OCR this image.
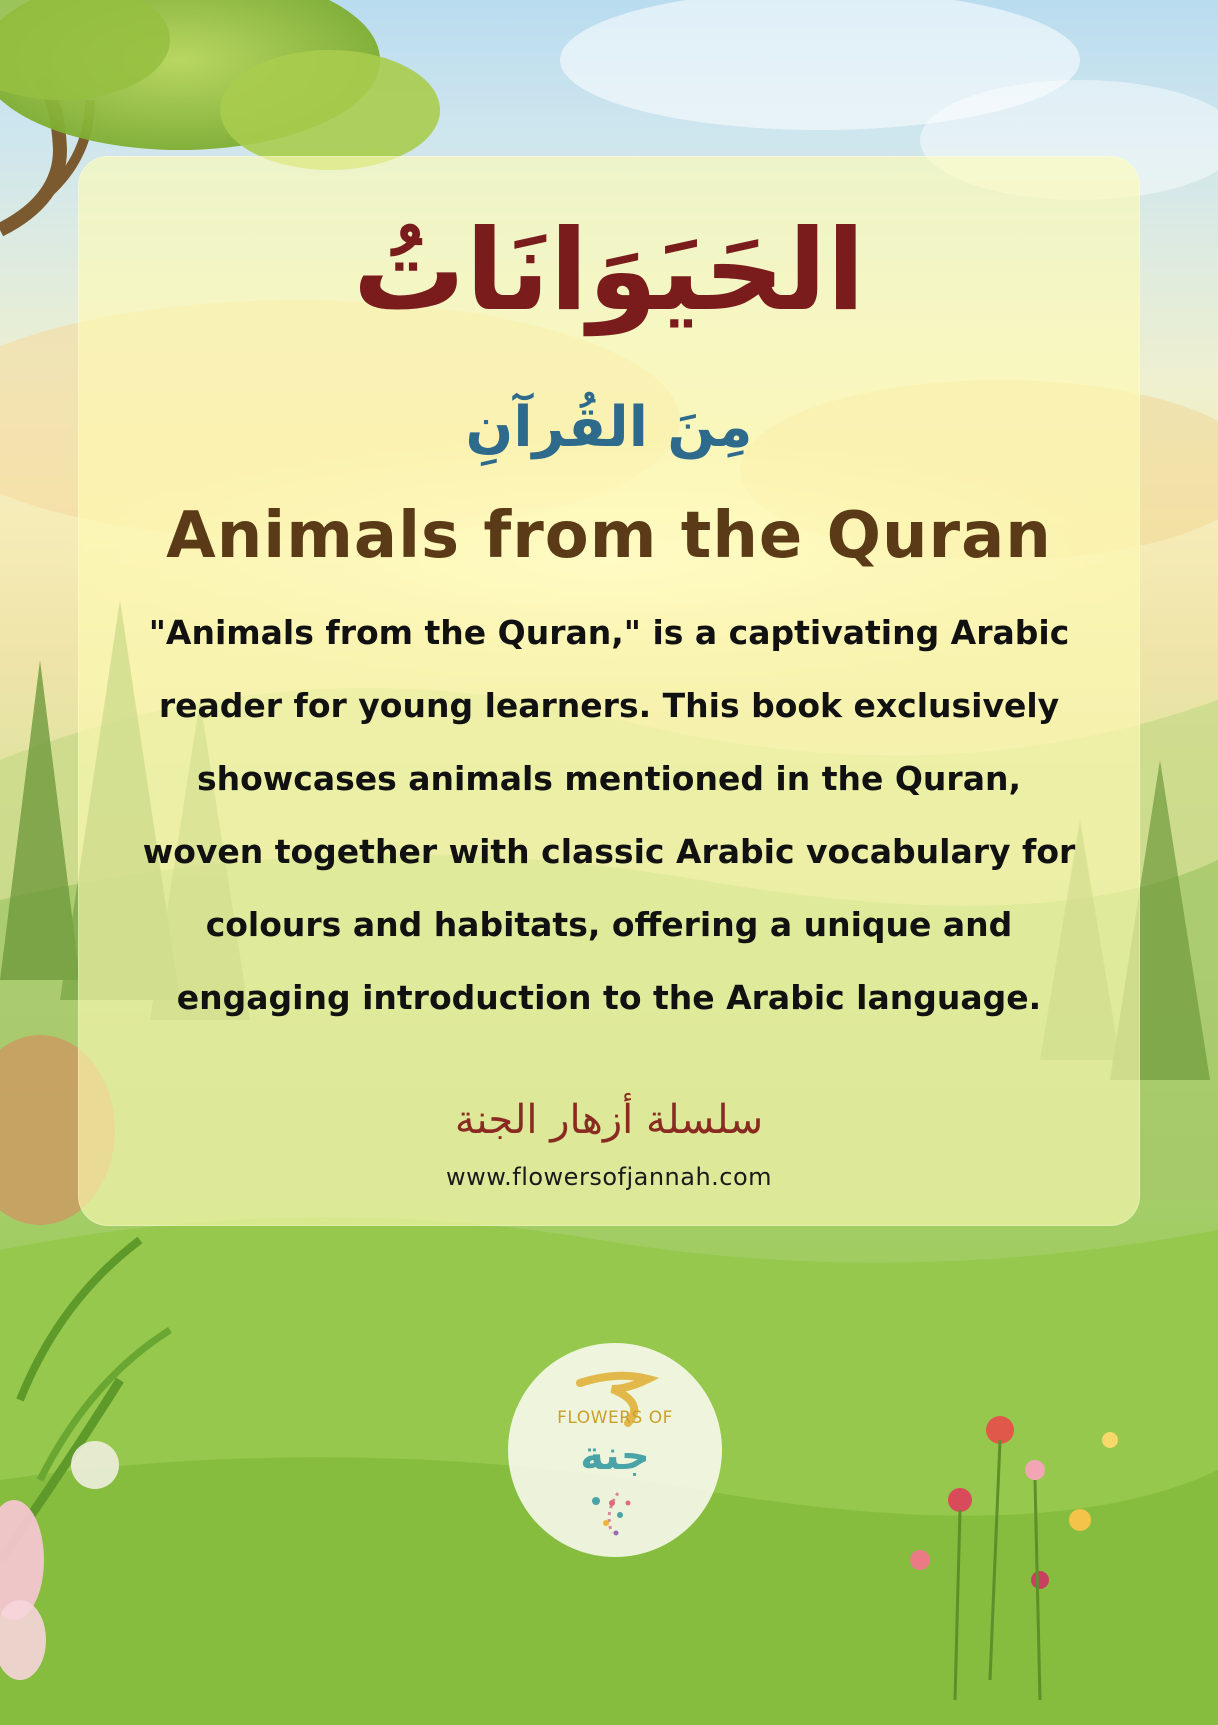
الحَيَوَانَاتُ
مِنَ القُرآنِ
Animals from the Quran

"Animals from the Quran," is a captivating Arabic reader for young learners. This book exclusively showcases animals mentioned in the Quran, woven together with classic Arabic vocabulary for colours and habitats, offering a unique and engaging introduction to the Arabic language.

سلسلة أزهار الجنة
www.flowersofjannah.com
FLOWERS OF
جنة
